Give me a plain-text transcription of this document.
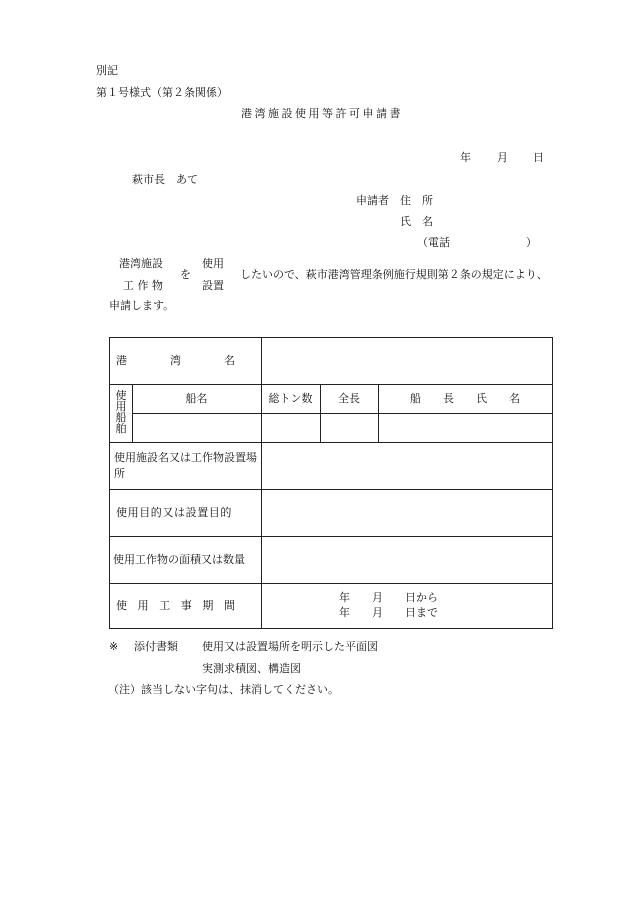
別記
第１号様式（第２条関係）
港湾施設使用等許可申請書
年 月 日
萩市長　あて
申請者 住　所
氏　名
（電話	）
港湾施設
工 作 物
を
使用
設置
したいので、萩市港湾管理条例施行規則第２条の規定により、
申請します。
港　　　　湾　　　　名
使用船舶
船名	総トン数	全長	船　　長　　氏　　名
使用施設名又は工作物設置場所
使用目的又は設置目的
使用工作物の面積又は数量
使　用　工　事　期　間
年　　月　　日から
年　　月　　日まで
※ 添付書類 使用又は設置場所を明示した平面図
実測求積図、構造図
（注）該当しない字句は、抹消してください。
